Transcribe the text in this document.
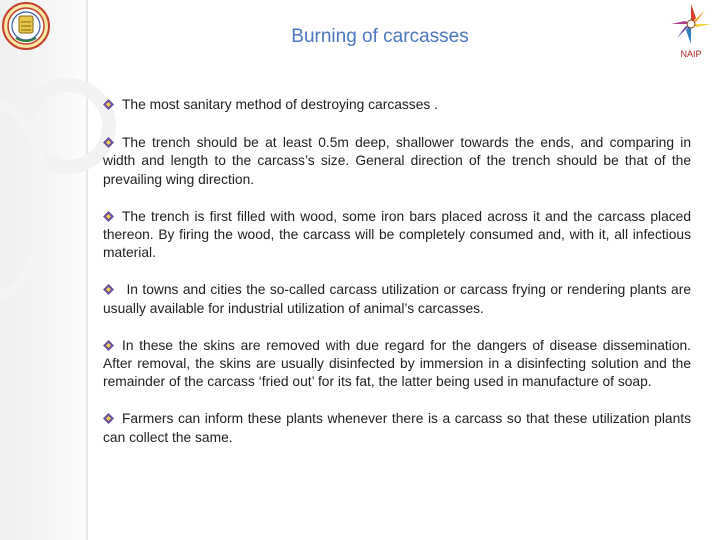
NAIP
Burning of carcasses

The most sanitary method of destroying carcasses .

The trench should be at least 0.5m deep, shallower towards the ends, and comparing in width and length to the carcass’s size. General direction of the trench should be that of the prevailing wing direction.

The trench is first filled with wood, some iron bars placed across it and the carcass placed thereon. By firing the wood, the carcass will be completely consumed and, with it, all infectious material.

In towns and cities the so-called carcass utilization or carcass frying or rendering plants are usually available for industrial utilization of animal’s carcasses.

In these the skins are removed with due regard for the dangers of disease dissemination. After removal, the skins are usually disinfected by immersion in a disinfecting solution and the remainder of the carcass ‘fried out’ for its fat, the latter being used in manufacture of soap.

Farmers can inform these plants whenever there is a carcass so that these utilization plants can collect the same.
